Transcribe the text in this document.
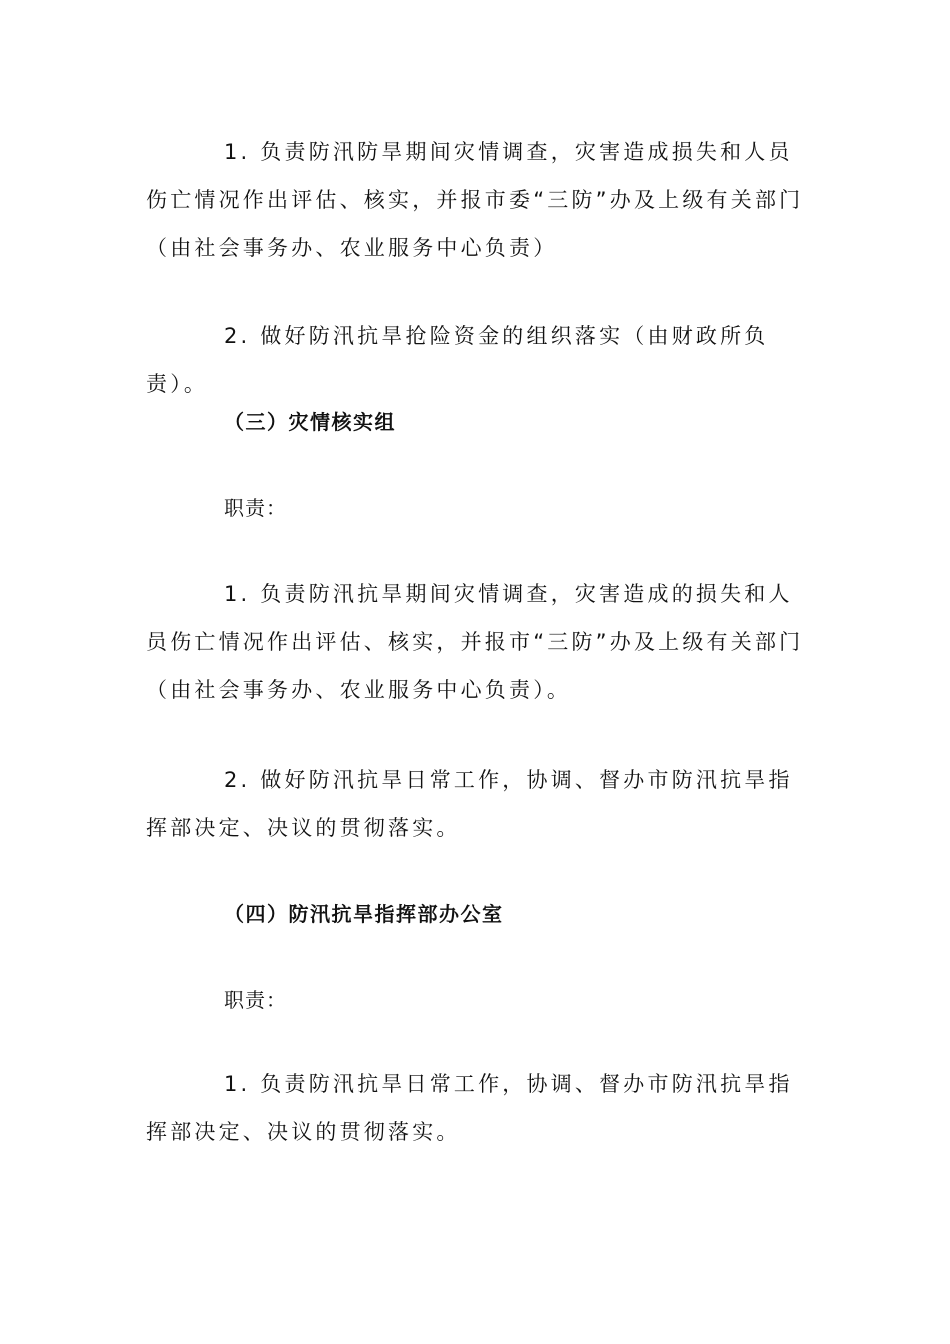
1. 负责防汛防旱期间灾情调查，灾害造成损失和人员伤亡情况作出评估、核实，并报市委“三防”办及上级有关部门（由社会事务办、农业服务中心负责）

2. 做好防汛抗旱抢险资金的组织落实（由财政所负责）。

（三）灾情核实组

职责：

1. 负责防汛抗旱期间灾情调查，灾害造成的损失和人员伤亡情况作出评估、核实，并报市“三防”办及上级有关部门（由社会事务办、农业服务中心负责）。

2. 做好防汛抗旱日常工作，协调、督办市防汛抗旱指挥部决定、决议的贯彻落实。

（四）防汛抗旱指挥部办公室

职责：

1. 负责防汛抗旱日常工作，协调、督办市防汛抗旱指挥部决定、决议的贯彻落实。
